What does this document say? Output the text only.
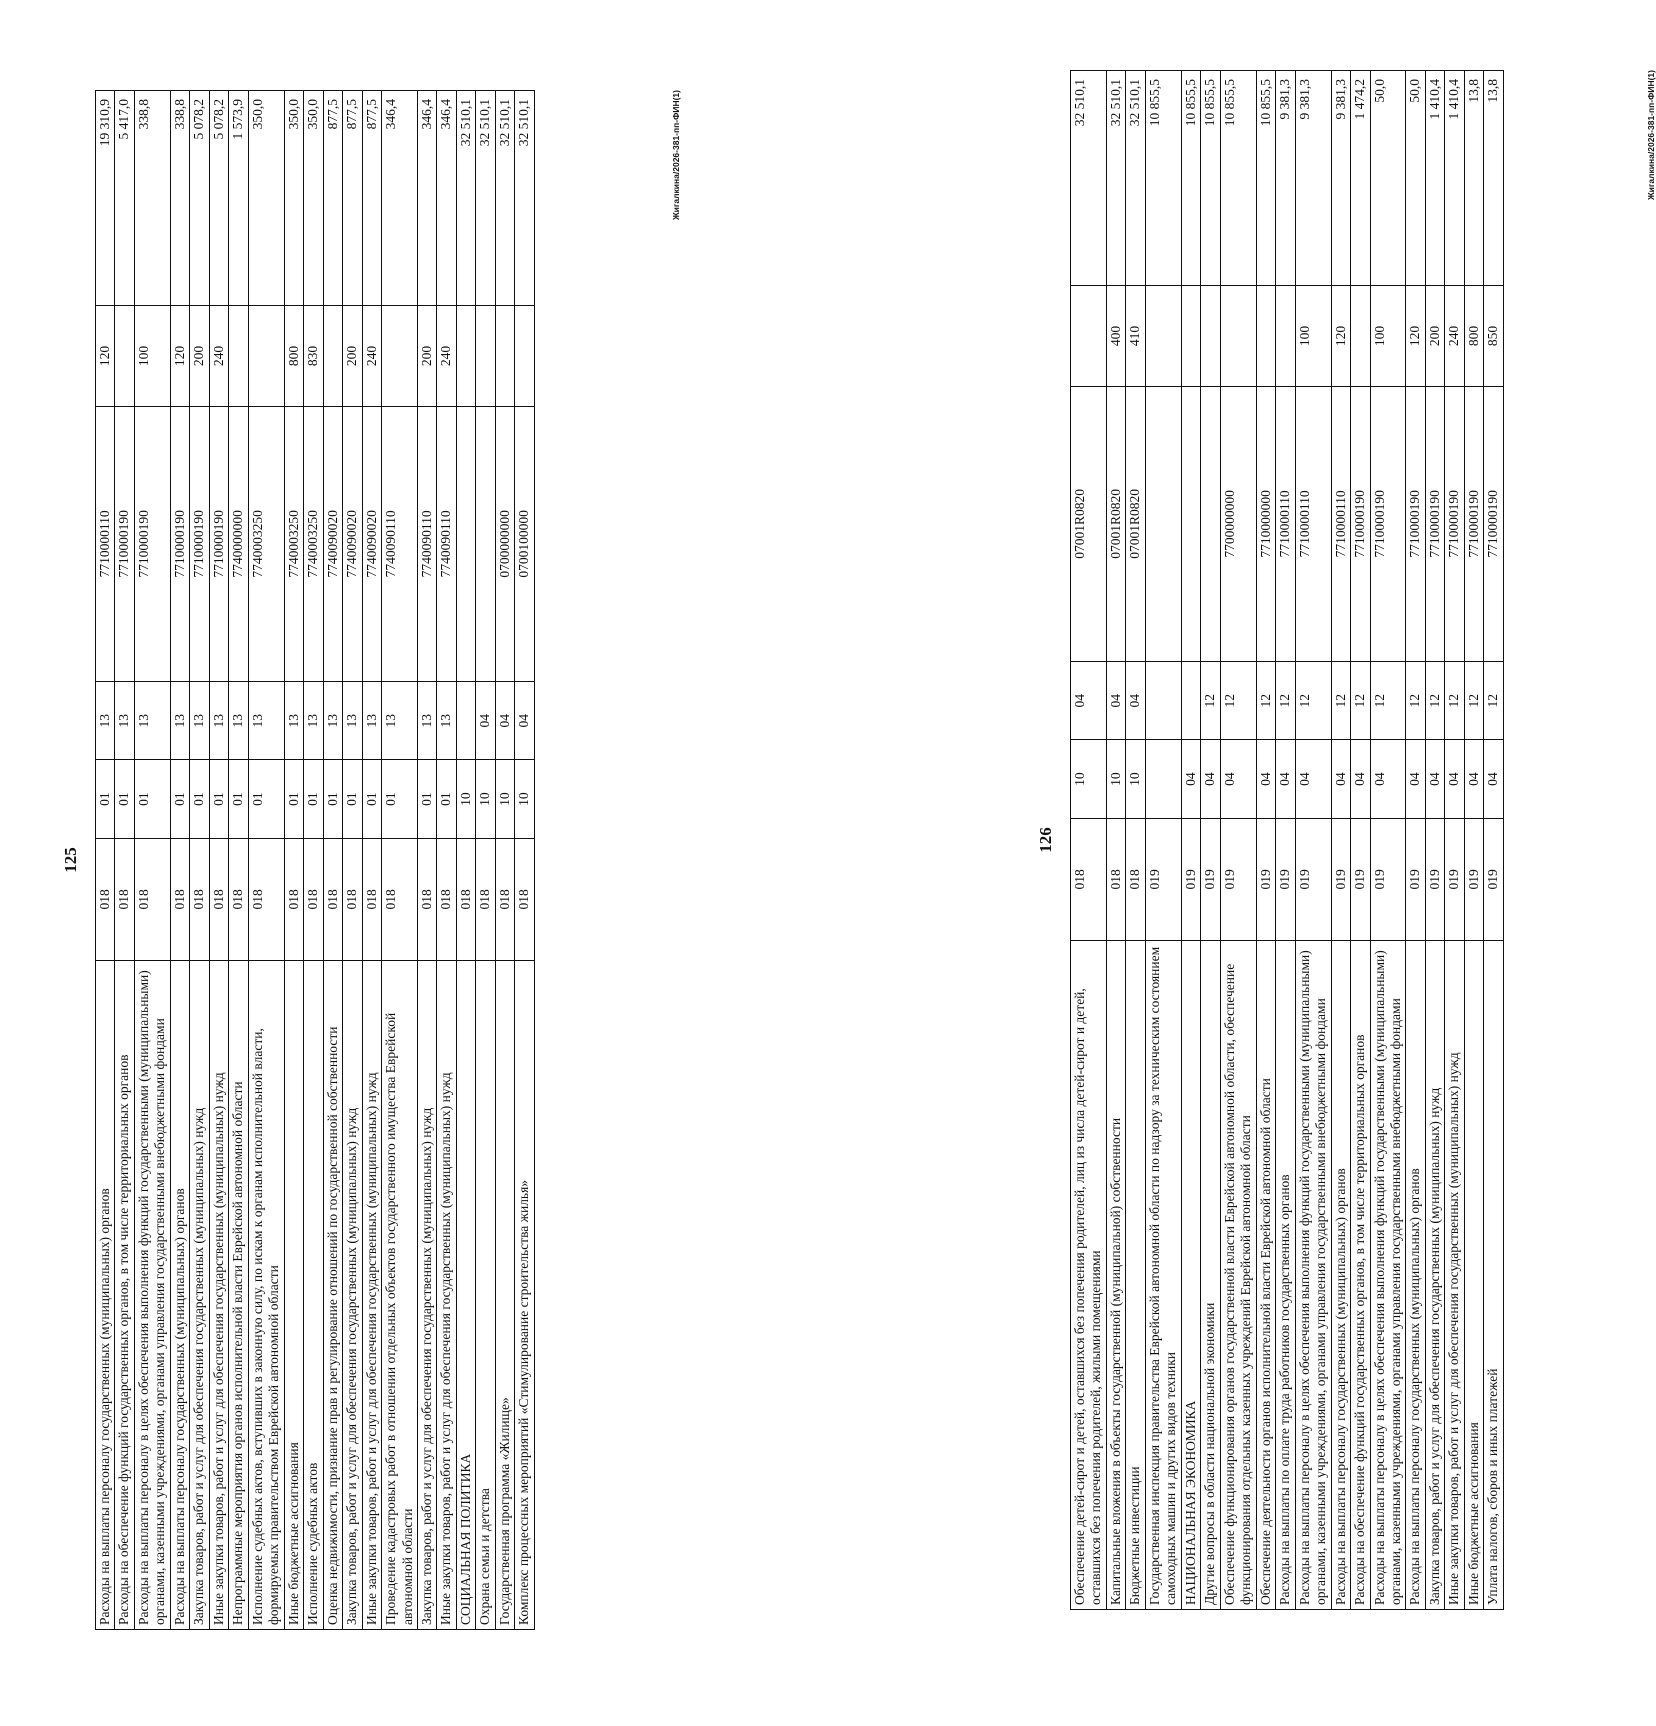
125
Расходы на выплаты персоналу государственных (муниципальных) органов	018	01	13	7710000110	120	19 310,9
Расходы на обеспечение функций государственных органов, в том числе территориальных органов	018	01	13	7710000190		5 417,0
Расходы на выплаты персоналу в целях обеспечения выполнения функций государственными (муниципальными) органами, казенными учреждениями, органами управления государственными внебюджетными фондами	018	01	13	7710000190	100	338,8
Расходы на выплаты персоналу государственных (муниципальных) органов	018	01	13	7710000190	120	338,8
Закупка товаров, работ и услуг для обеспечения государственных (муниципальных) нужд	018	01	13	7710000190	200	5 078,2
Иные закупки товаров, работ и услуг для обеспечения государственных (муниципальных) нужд	018	01	13	7710000190	240	5 078,2
Непрограммные мероприятия органов исполнительной власти Еврейской автономной области	018	01	13	7740000000		1 573,9
Исполнение судебных актов, вступивших в законную силу, по искам к органам исполнительной власти, формируемых правительством Еврейской автономной области	018	01	13	7740003250		350,0
Иные бюджетные ассигнования	018	01	13	7740003250	800	350,0
Исполнение судебных актов	018	01	13	7740003250	830	350,0
Оценка недвижимости, признание прав и регулирование отношений по государственной собственности	018	01	13	7740090020		877,5
Закупка товаров, работ и услуг для обеспечения государственных (муниципальных) нужд	018	01	13	7740090020	200	877,5
Иные закупки товаров, работ и услуг для обеспечения государственных (муниципальных) нужд	018	01	13	7740090020	240	877,5
Проведение кадастровых работ в отношении отдельных объектов государственного имущества Еврейской автономной области	018	01	13	7740090110		346,4
Закупка товаров, работ и услуг для обеспечения государственных (муниципальных) нужд	018	01	13	7740090110	200	346,4
Иные закупки товаров, работ и услуг для обеспечения государственных (муниципальных) нужд	018	01	13	7740090110	240	346,4
СОЦИАЛЬНАЯ ПОЛИТИКА	018	10				32 510,1
Охрана семьи и детства	018	10	04			32 510,1
Государственная программа «Жилище»	018	10	04	0700000000		32 510,1
Комплекс процессных мероприятий «Стимулирование строительства жилья»	018	10	04	0700100000		32 510,1	Жигалкина/2026-381-пп-ФИН(1)
126
Обеспечение детей-сирот и детей, оставшихся без попечения родителей, лиц из числа детей-сирот и детей, оставшихся без попечения родителей, жилыми помещениями	018	10	04	07001R0820		32 510,1
Капитальные вложения в объекты государственной (муниципальной) собственности	018	10	04	07001R0820	400	32 510,1
Бюджетные инвестиции	018	10	04	07001R0820	410	32 510,1
Государственная инспекция правительства Еврейской автономной области по надзору за техническим состоянием самоходных машин и других видов техники	019					10 855,5
НАЦИОНАЛЬНАЯ ЭКОНОМИКА	019	04				10 855,5
Другие вопросы в области национальной экономики	019	04	12			10 855,5
Обеспечение функционирования органов государственной власти Еврейской автономной области, обеспечение функционирования отдельных казенных учреждений Еврейской автономной области	019	04	12	7700000000		10 855,5
Обеспечение деятельности органов исполнительной власти Еврейской автономной области	019	04	12	7710000000		10 855,5
Расходы на выплаты по оплате труда работников государственных органов	019	04	12	7710000110		9 381,3
Расходы на выплаты персоналу в целях обеспечения выполнения функций государственными (муниципальными) органами, казенными учреждениями, органами управления государственными внебюджетными фондами	019	04	12	7710000110	100	9 381,3
Расходы на выплаты персоналу государственных (муниципальных) органов	019	04	12	7710000110	120	9 381,3
Расходы на обеспечение функций государственных органов, в том числе территориальных органов	019	04	12	7710000190		1 474,2
Расходы на выплаты персоналу в целях обеспечения выполнения функций государственными (муниципальными) органами, казенными учреждениями, органами управления государственными внебюджетными фондами	019	04	12	7710000190	100	50,0
Расходы на выплаты персоналу государственных (муниципальных) органов	019	04	12	7710000190	120	50,0
Закупка товаров, работ и услуг для обеспечения государственных (муниципальных) нужд	019	04	12	7710000190	200	1 410,4
Иные закупки товаров, работ и услуг для обеспечения государственных (муниципальных) нужд	019	04	12	7710000190	240	1 410,4
Иные бюджетные ассигнования	019	04	12	7710000190	800	13,8
Уплата налогов, сборов и иных платежей	019	04	12	7710000190	850	13,8	Жигалкина/2026-381-пп-ФИН(1)
